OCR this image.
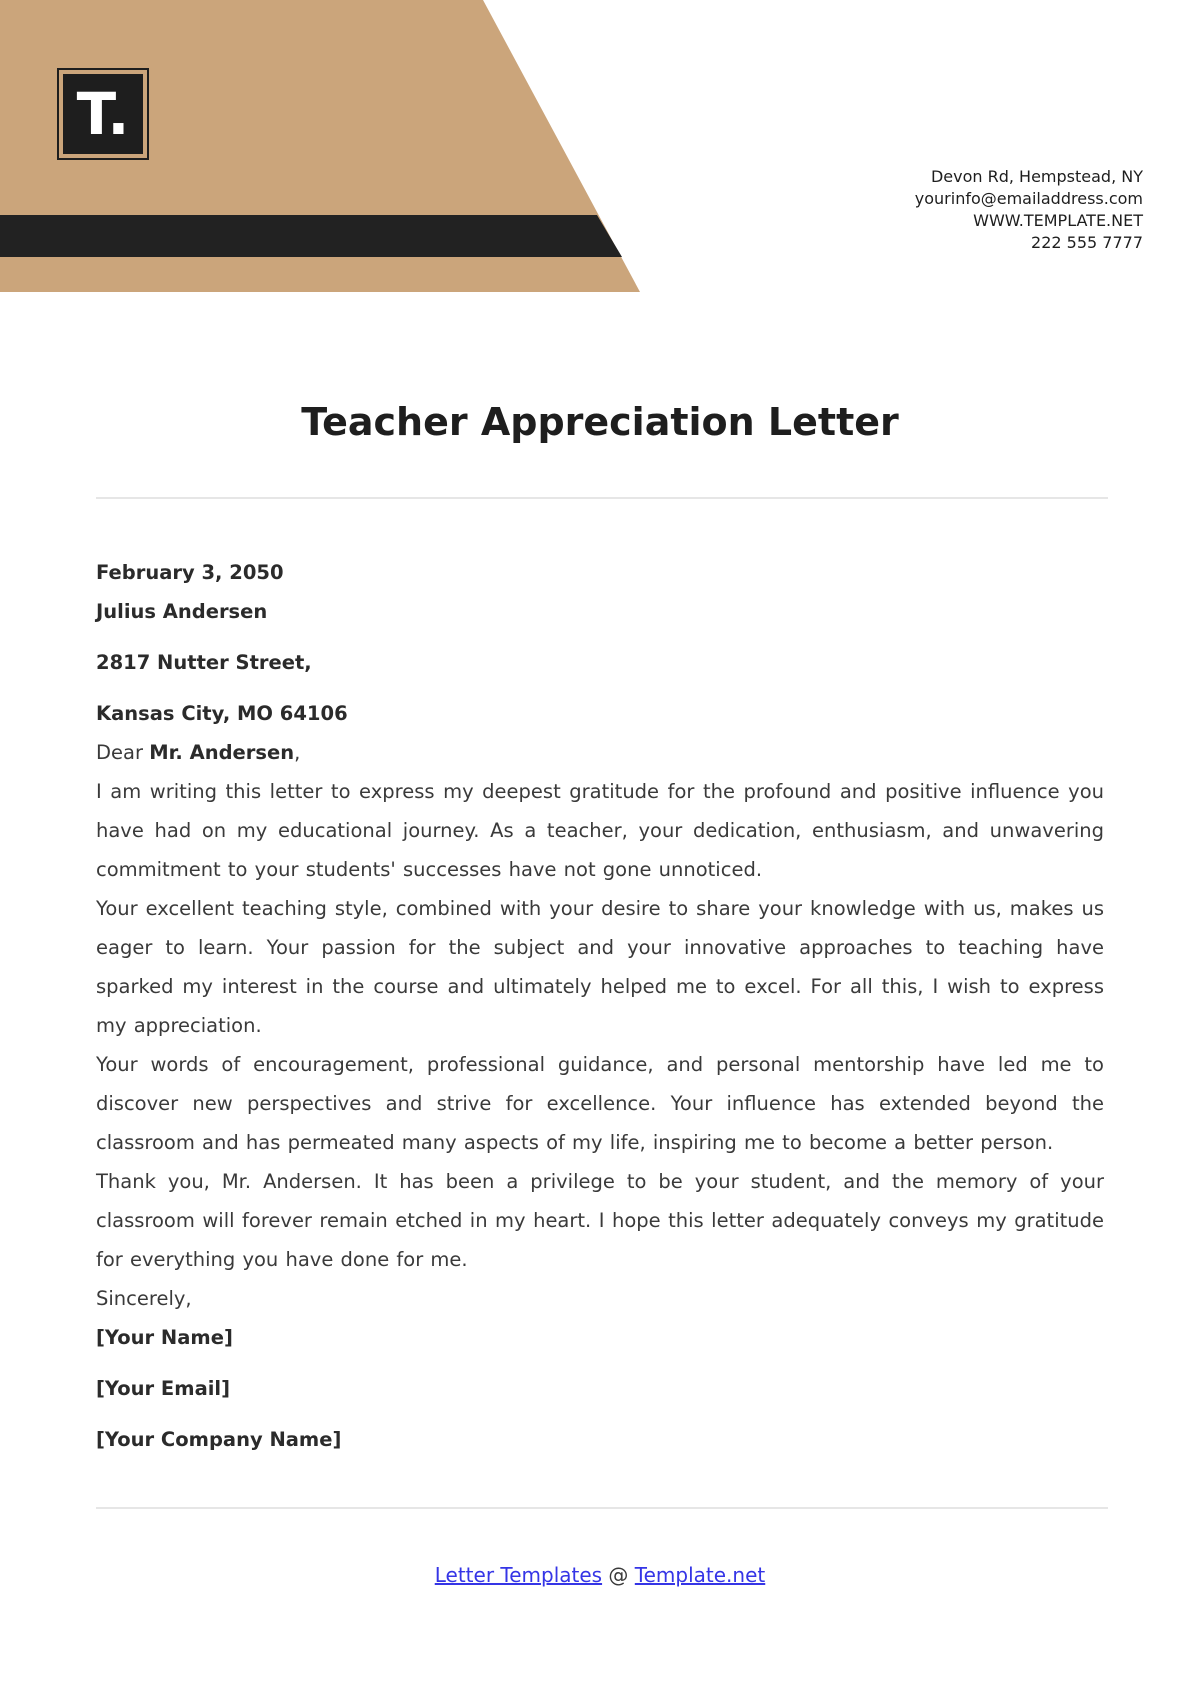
T.
Devon Rd, Hempstead, NY
yourinfo@emailaddress.com
WWW.TEMPLATE.NET
222 555 7777
Teacher Appreciation Letter

February 3, 2050

Julius Andersen

2817 Nutter Street,

Kansas City, MO 64106

Dear Mr. Andersen,

I am writing this letter to express my deepest gratitude for the profound and positive influence you have had on my educational journey. As a teacher, your dedication, enthusiasm, and unwavering commitment to your students' successes have not gone unnoticed.

Your excellent teaching style, combined with your desire to share your knowledge with us, makes us eager to learn. Your passion for the subject and your innovative approaches to teaching have sparked my interest in the course and ultimately helped me to excel. For all this, I wish to express my appreciation.

Your words of encouragement, professional guidance, and personal mentorship have led me to discover new perspectives and strive for excellence. Your influence has extended beyond the classroom and has permeated many aspects of my life, inspiring me to become a better person.

Thank you, Mr. Andersen. It has been a privilege to be your student, and the memory of your classroom will forever remain etched in my heart. I hope this letter adequately conveys my gratitude for everything you have done for me.

Sincerely,

[Your Name]

[Your Email]

[Your Company Name]

Letter Templates @ Template.net
